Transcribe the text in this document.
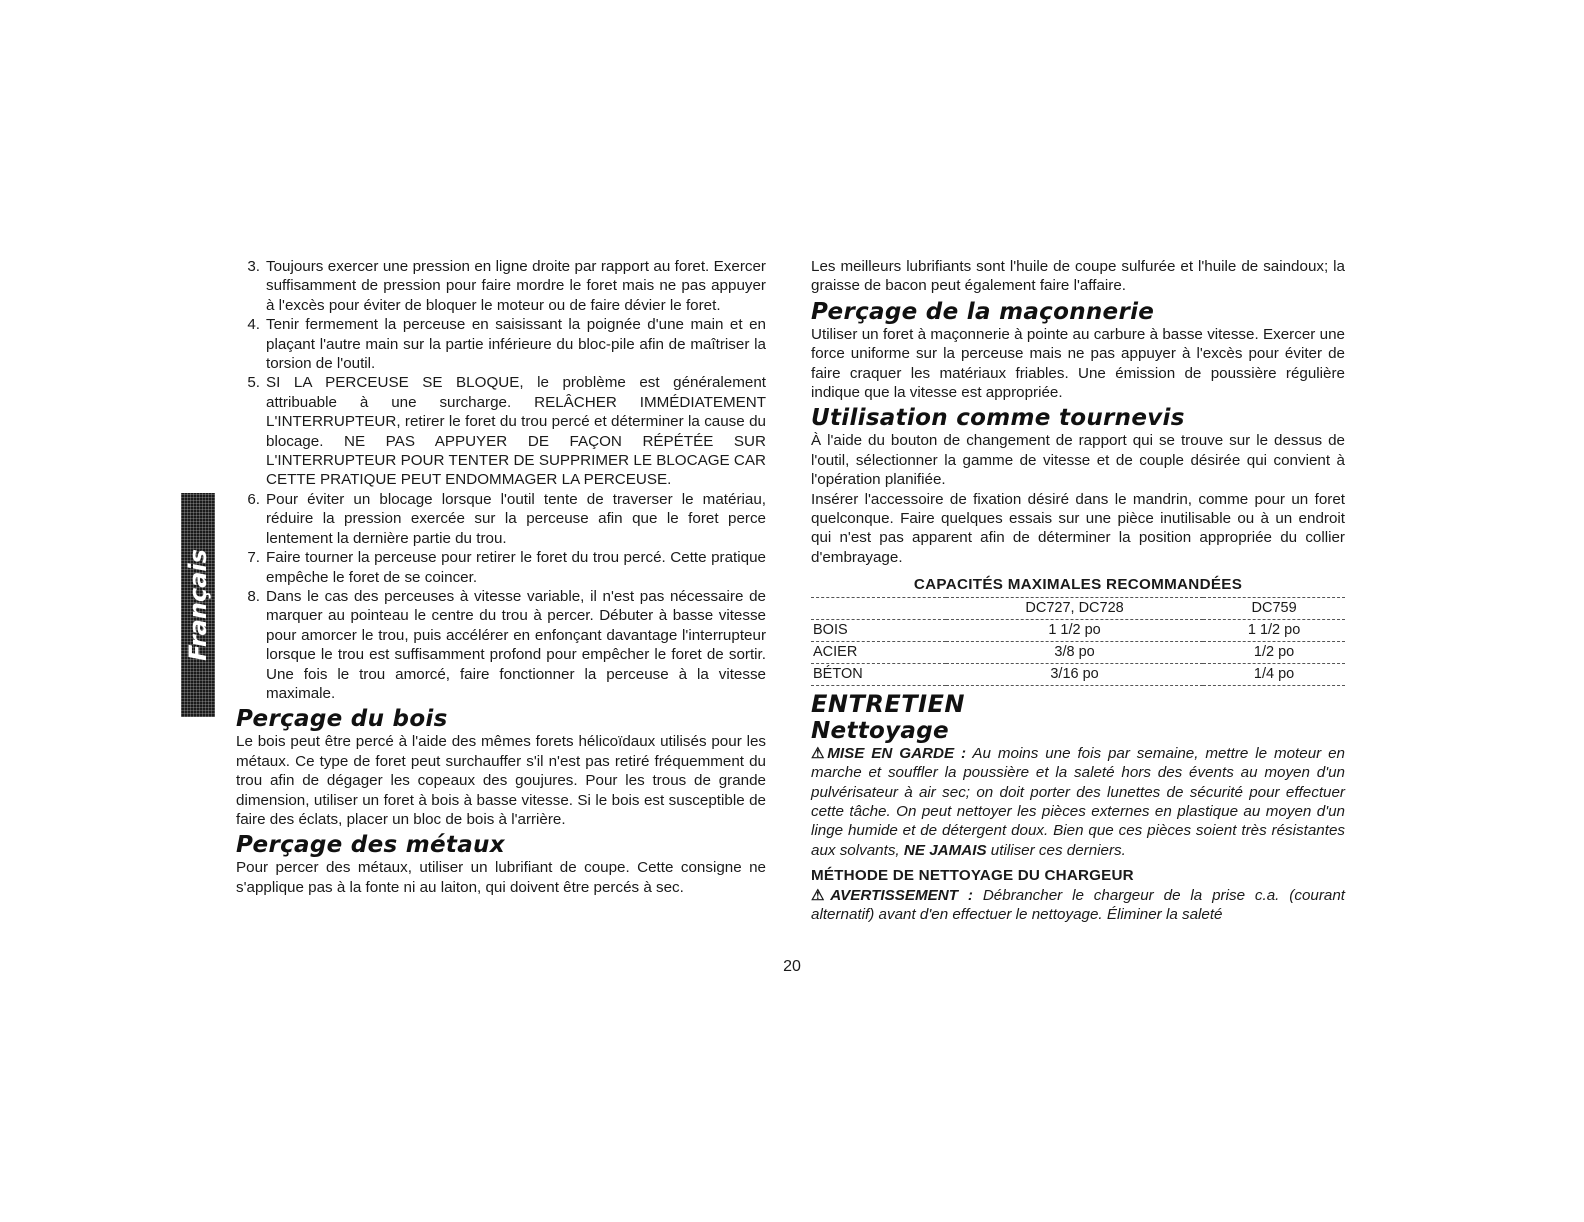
Français
3. Toujours exercer une pression en ligne droite par rapport au foret. Exercer suffisamment de pression pour faire mordre le foret mais ne pas appuyer à l'excès pour éviter de bloquer le moteur ou de faire dévier le foret.
4. Tenir fermement la perceuse en saisissant la poignée d'une main et en plaçant l'autre main sur la partie inférieure du bloc-pile afin de maîtriser la torsion de l'outil.
5. SI LA PERCEUSE SE BLOQUE, le problème est généralement attribuable à une surcharge. RELÂCHER IMMÉDIATEMENT L'INTERRUPTEUR, retirer le foret du trou percé et déterminer la cause du blocage. NE PAS APPUYER DE FAÇON RÉPÉTÉE SUR L'INTERRUPTEUR POUR TENTER DE SUPPRIMER LE BLOCAGE CAR CETTE PRATIQUE PEUT ENDOMMAGER LA PERCEUSE.
6. Pour éviter un blocage lorsque l'outil tente de traverser le matériau, réduire la pression exercée sur la perceuse afin que le foret perce lentement la dernière partie du trou.
7. Faire tourner la perceuse pour retirer le foret du trou percé. Cette pratique empêche le foret de se coincer.
8. Dans le cas des perceuses à vitesse variable, il n'est pas nécessaire de marquer au pointeau le centre du trou à percer. Débuter à basse vitesse pour amorcer le trou, puis accélérer en enfonçant davantage l'interrupteur lorsque le trou est suffisamment profond pour empêcher le foret de sortir. Une fois le trou amorcé, faire fonctionner la perceuse à la vitesse maximale.
Perçage du bois

Le bois peut être percé à l'aide des mêmes forets hélicoïdaux utilisés pour les métaux. Ce type de foret peut surchauffer s'il n'est pas retiré fréquemment du trou afin de dégager les copeaux des goujures. Pour les trous de grande dimension, utiliser un foret à bois à basse vitesse. Si le bois est susceptible de faire des éclats, placer un bloc de bois à l'arrière.

Perçage des métaux

Pour percer des métaux, utiliser un lubrifiant de coupe. Cette consigne ne s'applique pas à la fonte ni au laiton, qui doivent être percés à sec.

Les meilleurs lubrifiants sont l'huile de coupe sulfurée et l'huile de saindoux; la graisse de bacon peut également faire l'affaire.

Perçage de la maçonnerie

Utiliser un foret à maçonnerie à pointe au carbure à basse vitesse. Exercer une force uniforme sur la perceuse mais ne pas appuyer à l'excès pour éviter de faire craquer les matériaux friables. Une émission de poussière régulière indique que la vitesse est appropriée.

Utilisation comme tournevis

À l'aide du bouton de changement de rapport qui se trouve sur le dessus de l'outil, sélectionner la gamme de vitesse et de couple désirée qui convient à l'opération planifiée.

Insérer l'accessoire de fixation désiré dans le mandrin, comme pour un foret quelconque. Faire quelques essais sur une pièce inutilisable ou à un endroit qui n'est pas apparent afin de déterminer la position appropriée du collier d'embrayage.

CAPACITÉS MAXIMALES RECOMMANDÉES
	DC727, DC728	DC759
BOIS	1 1/2 po	1 1/2 po
ACIER	3/8 po	1/2 po
BÉTON	3/16 po	1/4 po
ENTRETIEN
Nettoyage

⚠MISE EN GARDE : Au moins une fois par semaine, mettre le moteur en marche et souffler la poussière et la saleté hors des évents au moyen d'un pulvérisateur à air sec; on doit porter des lunettes de sécurité pour effectuer cette tâche. On peut nettoyer les pièces externes en plastique au moyen d'un linge humide et de détergent doux. Bien que ces pièces soient très résistantes aux solvants, NE JAMAIS utiliser ces derniers.

MÉTHODE DE NETTOYAGE DU CHARGEUR

⚠AVERTISSEMENT : Débrancher le chargeur de la prise c.a. (courant alternatif) avant d'en effectuer le nettoyage. Éliminer la saleté

20
